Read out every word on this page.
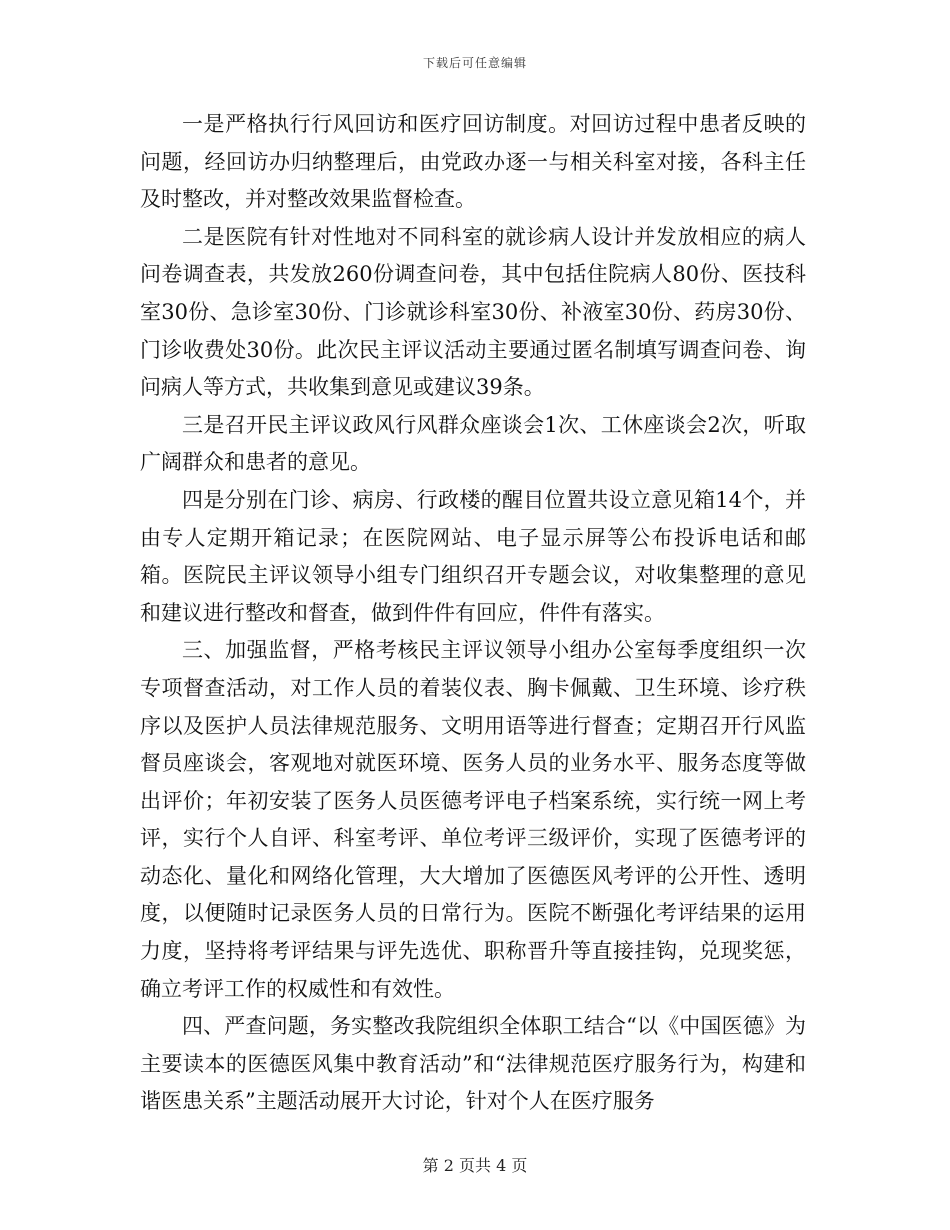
下载后可任意编辑

一是严格执行行风回访和医疗回访制度。对回访过程中患者反映的问题，经回访办归纳整理后，由党政办逐一与相关科室对接，各科主任及时整改，并对整改效果监督检查。

二是医院有针对性地对不同科室的就诊病人设计并发放相应的病人问卷调查表，共发放260份调查问卷，其中包括住院病人80份、医技科室30份、急诊室30份、门诊就诊科室30份、补液室30份、药房30份、门诊收费处30份。此次民主评议活动主要通过匿名制填写调查问卷、询问病人等方式，共收集到意见或建议39条。

三是召开民主评议政风行风群众座谈会1次、工休座谈会2次，听取广阔群众和患者的意见。

四是分别在门诊、病房、行政楼的醒目位置共设立意见箱14个，并由专人定期开箱记录；在医院网站、电子显示屏等公布投诉电话和邮箱。医院民主评议领导小组专门组织召开专题会议，对收集整理的意见和建议进行整改和督查，做到件件有回应，件件有落实。

三、加强监督，严格考核民主评议领导小组办公室每季度组织一次专项督查活动，对工作人员的着装仪表、胸卡佩戴、卫生环境、诊疗秩序以及医护人员法律规范服务、文明用语等进行督查；定期召开行风监督员座谈会，客观地对就医环境、医务人员的业务水平、服务态度等做出评价；年初安装了医务人员医德考评电子档案系统，实行统一网上考评，实行个人自评、科室考评、单位考评三级评价，实现了医德考评的动态化、量化和网络化管理，大大增加了医德医风考评的公开性、透明度，以便随时记录医务人员的日常行为。医院不断强化考评结果的运用力度，坚持将考评结果与评先选优、职称晋升等直接挂钩，兑现奖惩，确立考评工作的权威性和有效性。

四、严查问题，务实整改我院组织全体职工结合“以《中国医德》为主要读本的医德医风集中教育活动”和“法律规范医疗服务行为，构建和谐医患关系”主题活动展开大讨论，针对个人在医疗服务

第 2 页共 4 页
